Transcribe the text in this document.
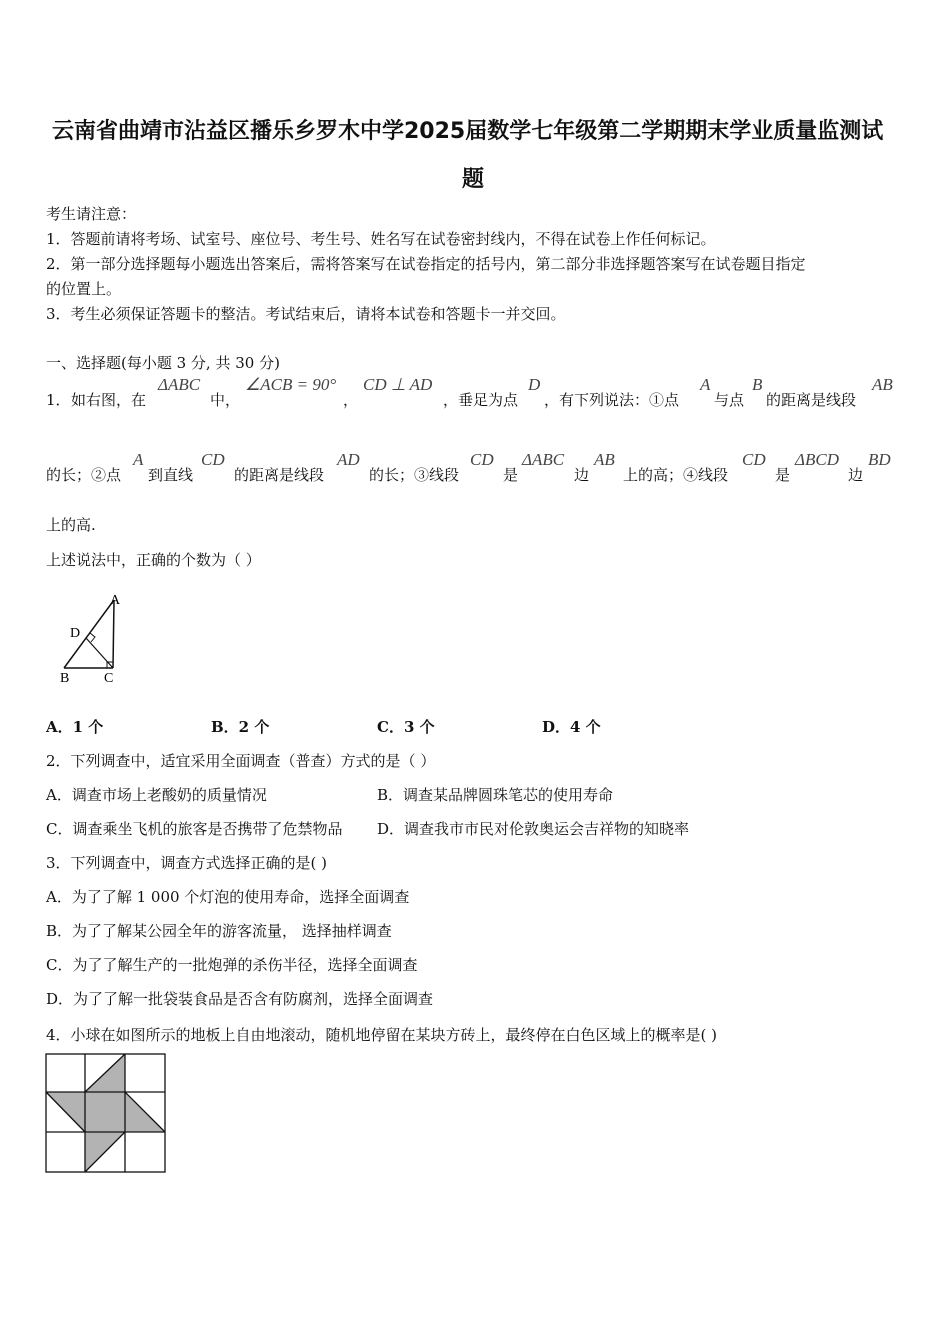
云南省曲靖市沾益区播乐乡罗木中学2025届数学七年级第二学期期末学业质量监测试
题
考生请注意：
1．答题前请将考场、试室号、座位号、考生号、姓名写在试卷密封线内，不得在试卷上作任何标记。
2．第一部分选择题每小题选出答案后，需将答案写在试卷指定的括号内，第二部分非选择题答案写在试卷题目指定
的位置上。
3．考生必须保证答题卡的整洁。考试结束后，请将本试卷和答题卡一并交回。
一、选择题(每小题 3 分, 共 30 分)
1． 如右图，在
ΔABC
中，
∠ACB = 90°
，
CD ⊥ AD
，垂足为点
D
，有下列说法：①点
A
与点
B
的距离是线段
AB
的长；②点
A
到直线
CD
的距离是线段
AD
的长；③线段
CD
是
ΔABC
边
AB
上的高；④线段
CD
是
ΔBCD
边
BD
上的高.
上述说法中，正确的个数为（ ）
A
D
B C
A．1 个	B．2 个	C．3 个	D．4 个
2．下列调查中，适宜采用全面调查（普查）方式的是（ ）
A．调查市场上老酸奶的质量情况	B．调查某品牌圆珠笔芯的使用寿命
C．调查乘坐飞机的旅客是否携带了危禁物品 D．调查我市市民对伦敦奥运会吉祥物的知晓率
3．下列调查中，调查方式选择正确的是( )
A．为了了解 1 000 个灯泡的使用寿命，选择全面调查
B．为了了解某公园全年的游客流量， 选择抽样调查
C．为了了解生产的一批炮弹的杀伤半径，选择全面调查
D．为了了解一批袋装食品是否含有防腐剂，选择全面调查
4．小球在如图所示的地板上自由地滚动，随机地停留在某块方砖上，最终停在白色区域上的概率是( )
